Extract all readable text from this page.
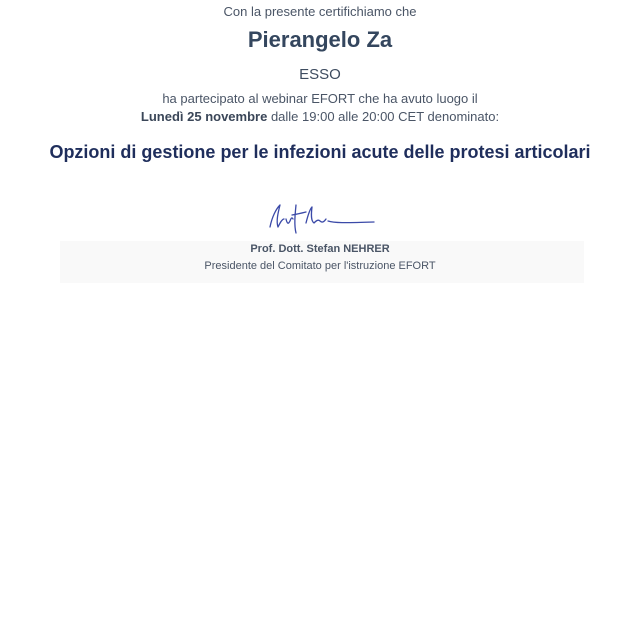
Con la presente certifichiamo che
Pierangelo Za
ESSO
ha partecipato al webinar EFORT che ha avuto luogo il
Lunedì 25 novembre dalle 19:00 alle 20:00 CET denominato:
Opzioni di gestione per le infezioni acute delle protesi articolari
Prof. Dott. Stefan NEHRER
Presidente del Comitato per l'istruzione EFORT
